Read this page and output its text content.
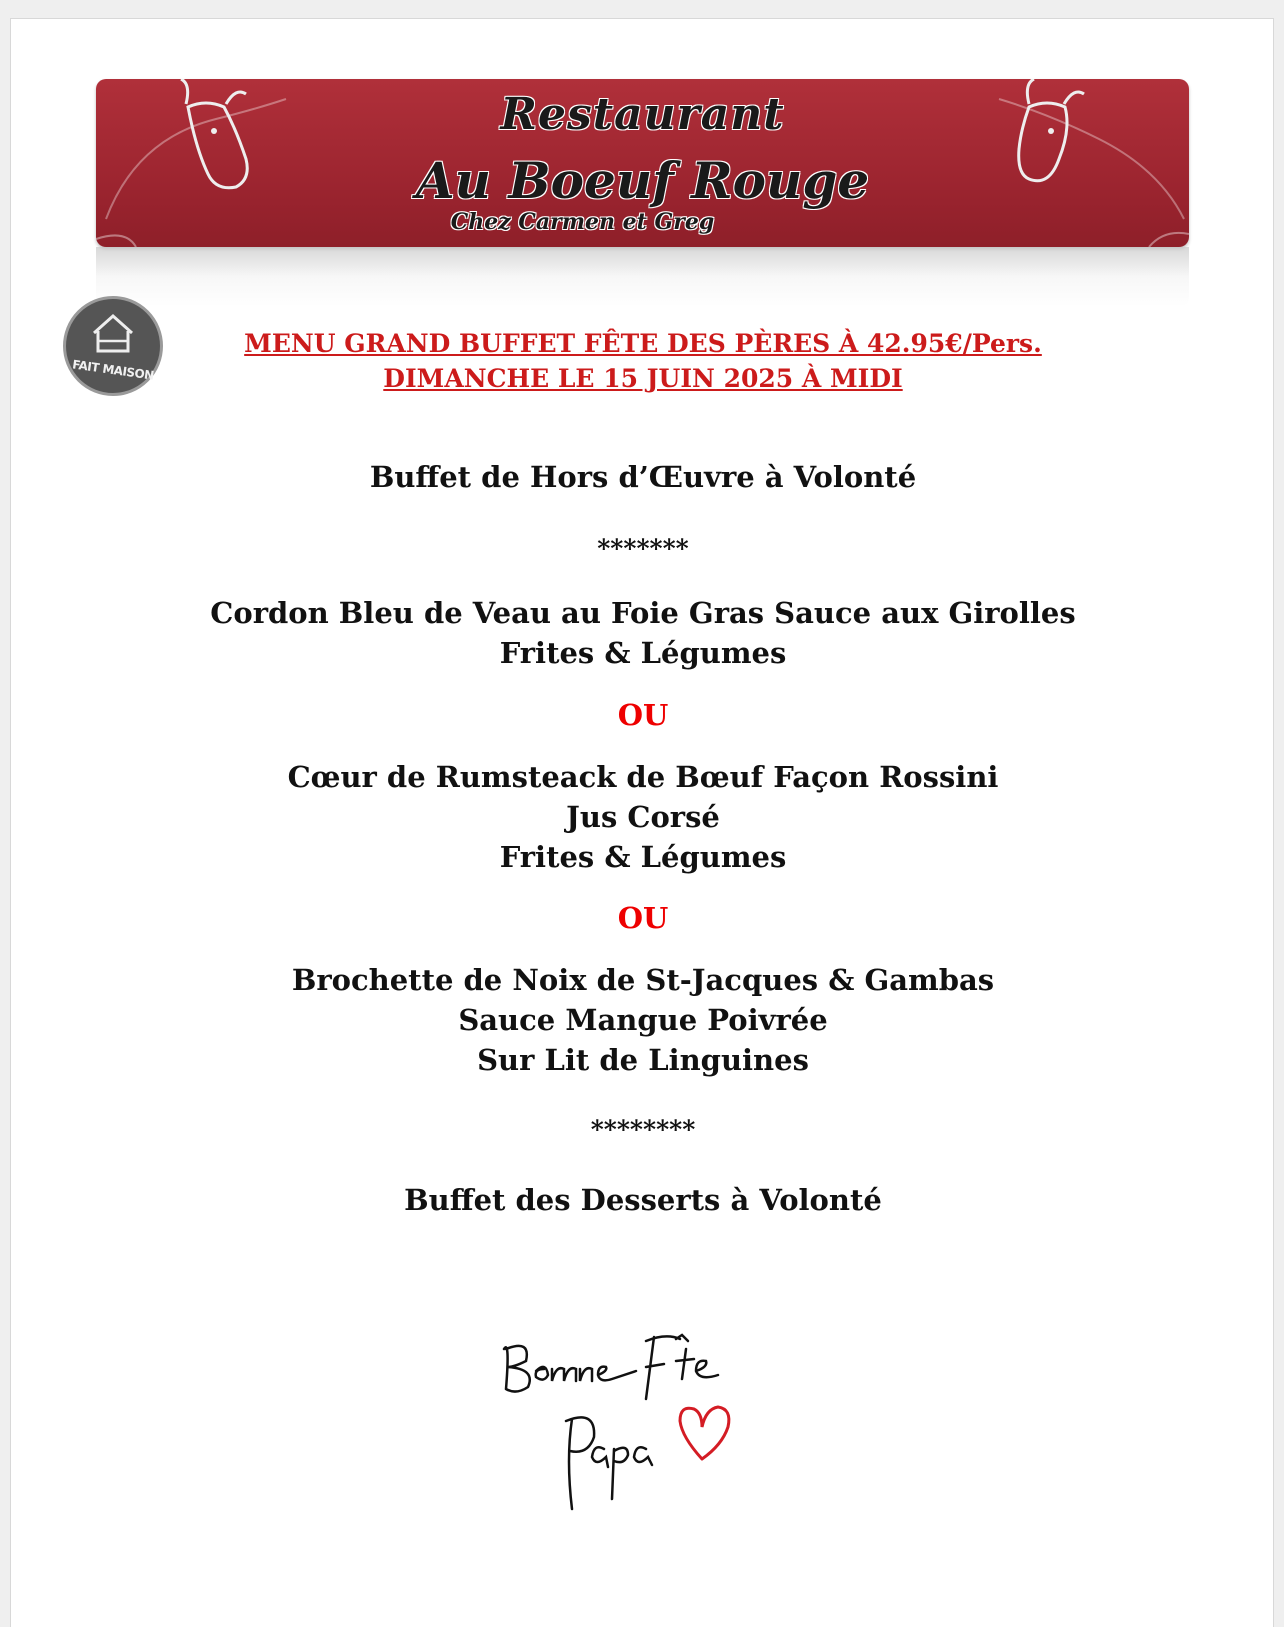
Restaurant
Au Boeuf Rouge
Chez Carmen et Greg
FAIT MAISON
MENU GRAND BUFFET FÊTE DES PÈRES À 42.95€/Pers.
DIMANCHE LE 15 JUIN 2025 À MIDI

Buffet de Hors d’Œuvre à Volonté

*******

Cordon Bleu de Veau au Foie Gras Sauce aux Girolles

Frites & Légumes

OU

Cœur de Rumsteack de Bœuf Façon Rossini

Jus Corsé

Frites & Légumes

OU

Brochette de Noix de St-Jacques & Gambas

Sauce Mangue Poivrée

Sur Lit de Linguines

********

Buffet des Desserts à Volonté
